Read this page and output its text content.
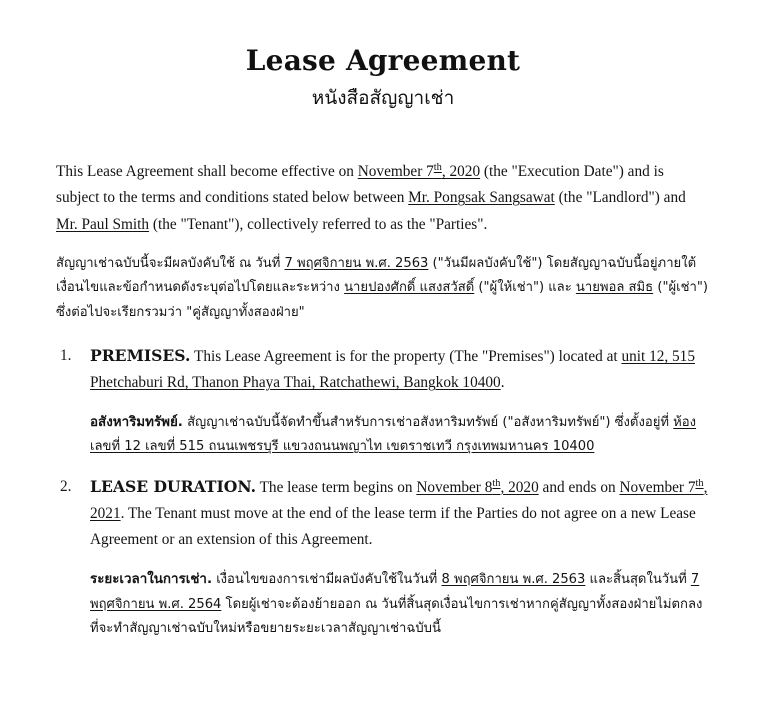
Lease Agreement
หนังสือสัญญาเช่า

This Lease Agreement shall become effective on November 7th, 2020 (the "Execution Date") and is subject to the terms and conditions stated below between Mr. Pongsak Sangsawat (the "Landlord") and Mr. Paul Smith (the "Tenant"), collectively referred to as the "Parties".

สัญญาเช่าฉบับนี้จะมีผลบังคับใช้ ณ วันที่ 7 พฤศจิกายน พ.ศ. 2563 ("วันมีผลบังคับใช้") โดยสัญญาฉบับนี้อยู่ภายใต้เงื่อนไขและข้อกำหนดดังระบุต่อไปโดยและระหว่าง นายปองศักดิ์ แสงสวัสดิ์ ("ผู้ให้เช่า") และ นายพอล สมิธ ("ผู้เช่า") ซึ่งต่อไปจะเรียกรวมว่า "คู่สัญญาทั้งสองฝ่าย"

1. PREMISES. This Lease Agreement is for the property (The "Premises") located at unit 12, 515 Phetchaburi Rd, Thanon Phaya Thai, Ratchathewi, Bangkok 10400.

อสังหาริมทรัพย์. สัญญาเช่าฉบับนี้จัดทำขึ้นสำหรับการเช่าอสังหาริมทรัพย์ ("อสังหาริมทรัพย์") ซึ่งตั้งอยู่ที่ ห้องเลขที่ 12 เลขที่ 515 ถนนเพชรบุรี แขวงถนนพญาไท เขตราชเทวี กรุงเทพมหานคร 10400

2. LEASE DURATION. The lease term begins on November 8th, 2020 and ends on November 7th, 2021. The Tenant must move at the end of the lease term if the Parties do not agree on a new Lease Agreement or an extension of this Agreement.

ระยะเวลาในการเช่า. เงื่อนไขของการเช่ามีผลบังคับใช้ในวันที่ 8 พฤศจิกายน พ.ศ. 2563 และสิ้นสุดในวันที่ 7 พฤศจิกายน พ.ศ. 2564 โดยผู้เช่าจะต้องย้ายออก ณ วันที่สิ้นสุดเงื่อนไขการเช่าหากคู่สัญญาทั้งสองฝ่ายไม่ตกลงที่จะทำสัญญาเช่าฉบับใหม่หรือขยายระยะเวลาสัญญาเช่าฉบับนี้
